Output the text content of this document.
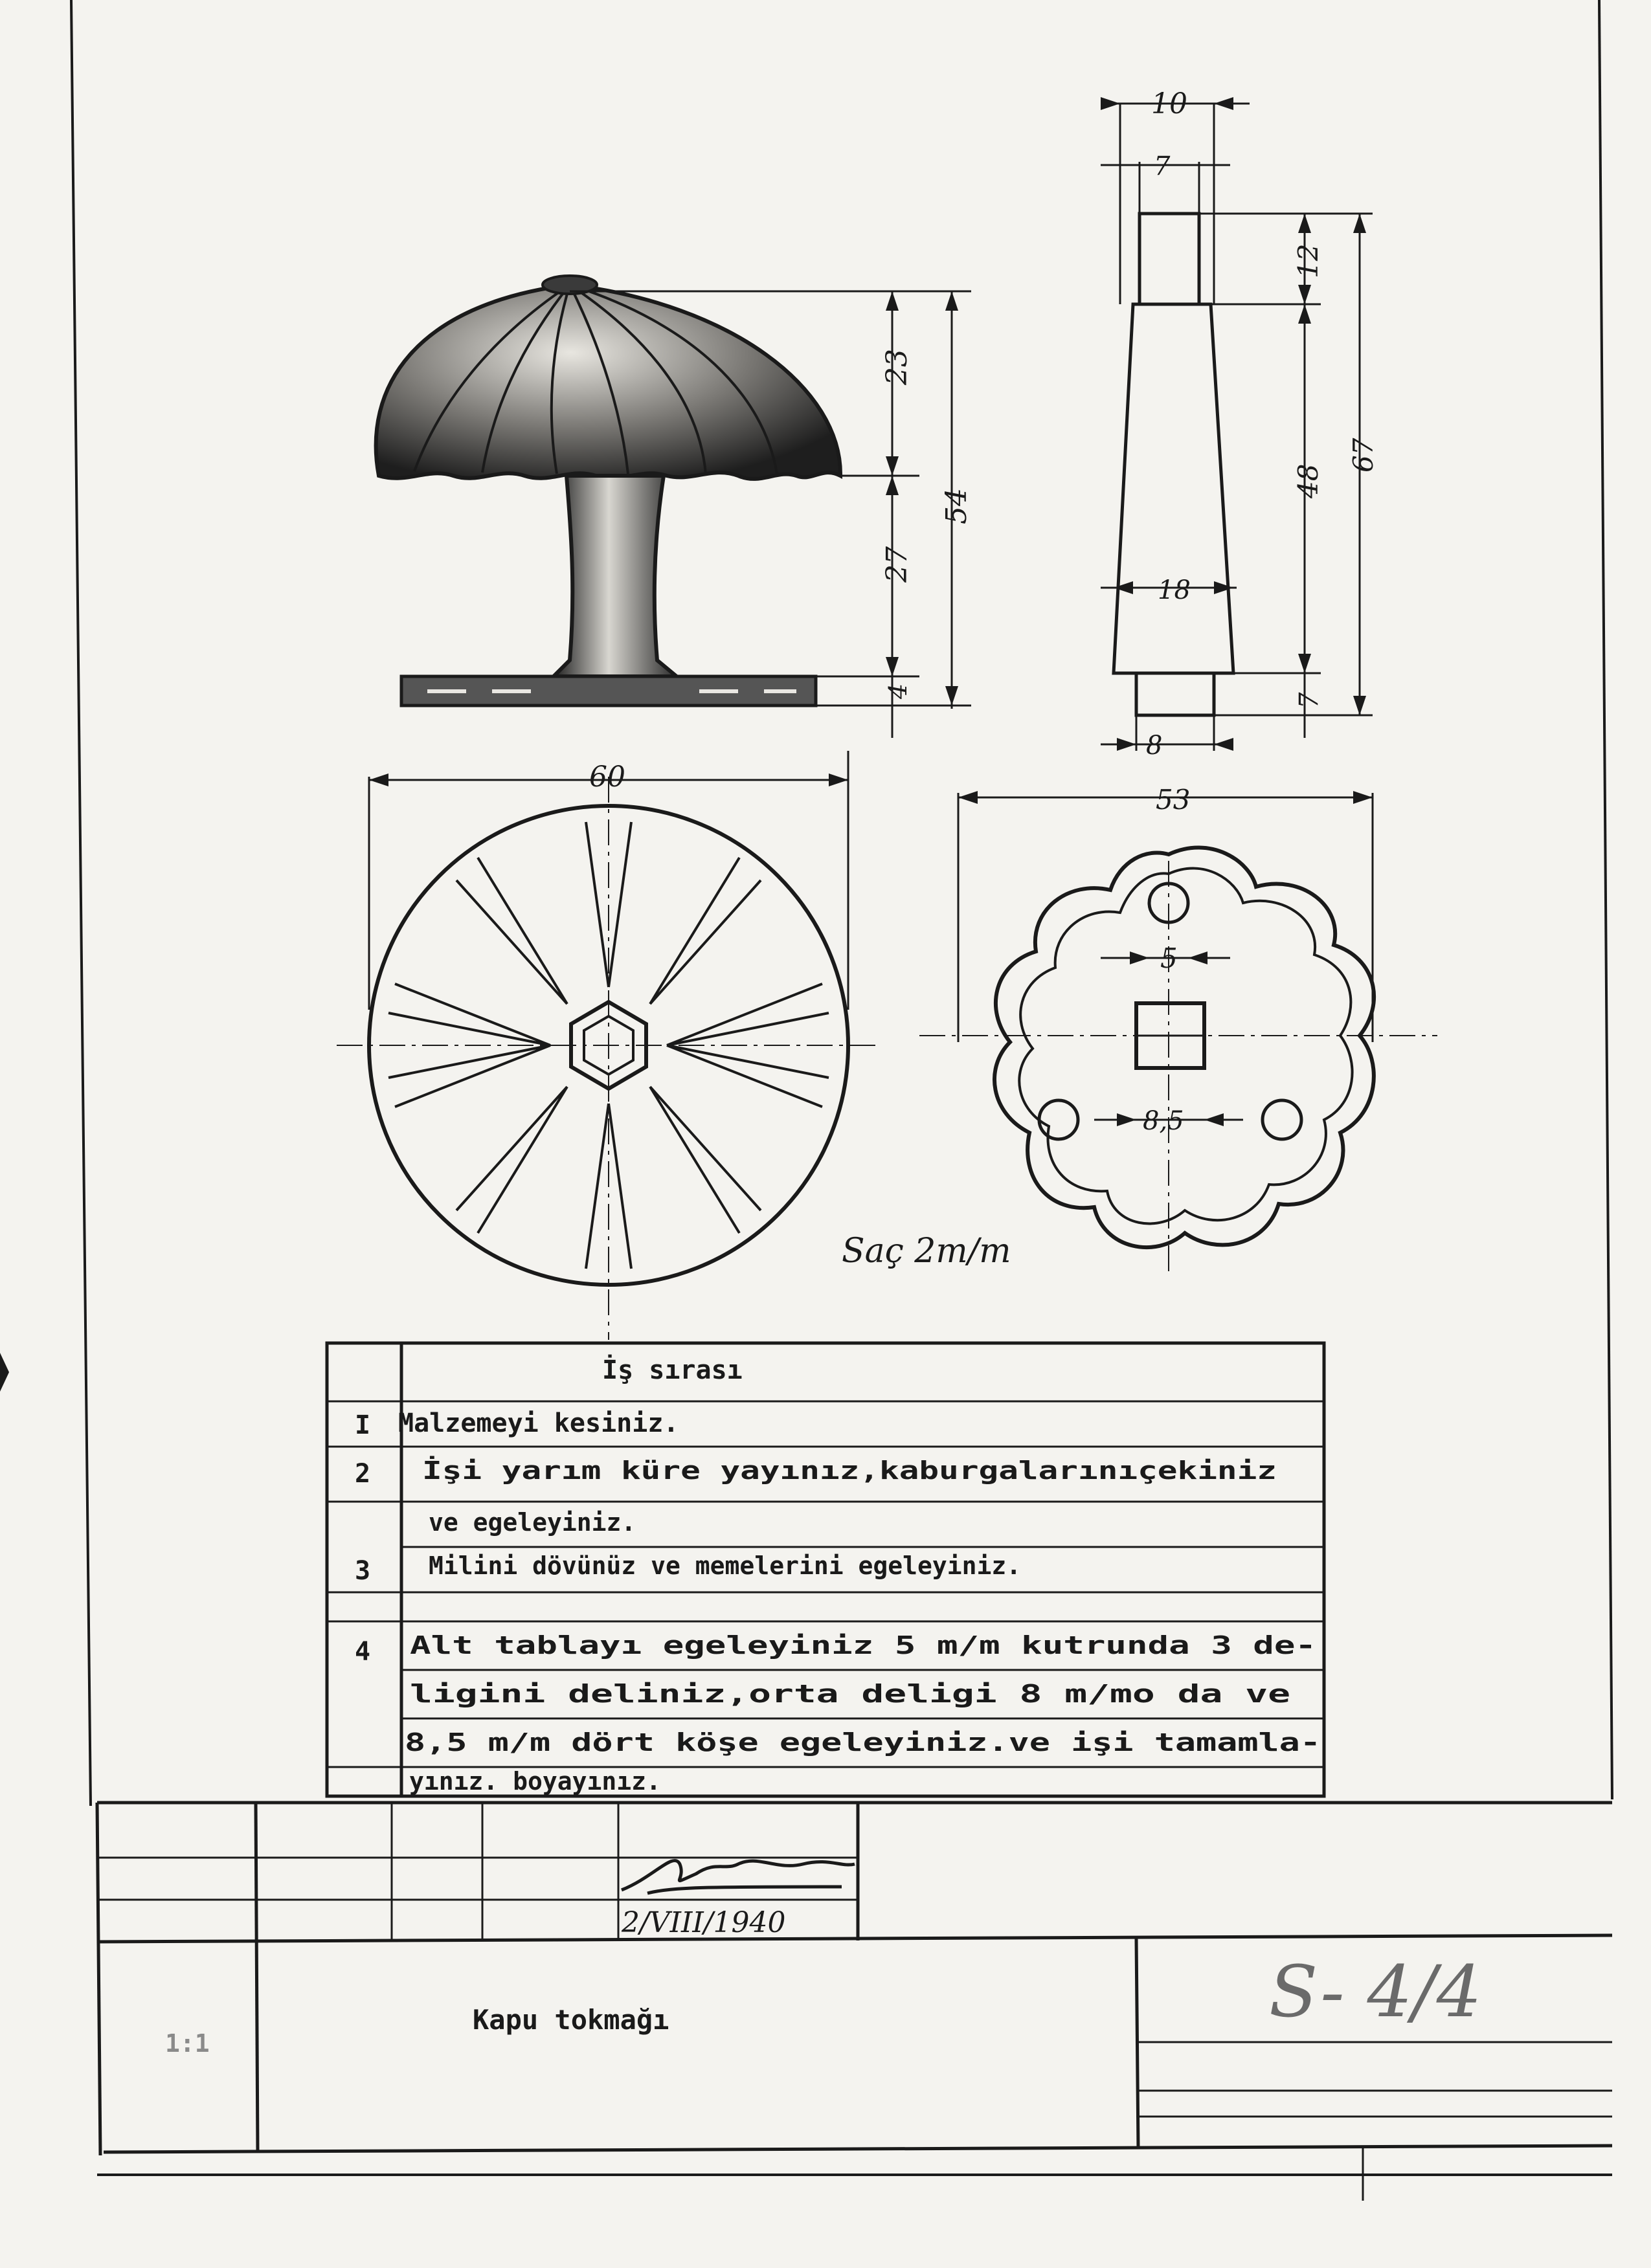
23
27
4
54
10
7
12
48
67
18
7
8
60
53
5
8,5
Saç 2m/m
İş sırası
I Malzemeyi kesiniz.
2 İşi yarım küre yayınız,kaburgalarınıçekiniz
ve egeleyiniz.
3 Milini dövünüz ve memelerini egeleyiniz.
4 Alt tablayı egeleyiniz 5 m/m kutrunda 3 de-
ligini deliniz,orta deligi 8 m/mo dа ve
8,5 m/m dört köşe egeleyiniz.ve işi tamamla-
yınız. boyayınız.
2/VIII/1940
1:1
Kapu tokmağı	S- 4/4
